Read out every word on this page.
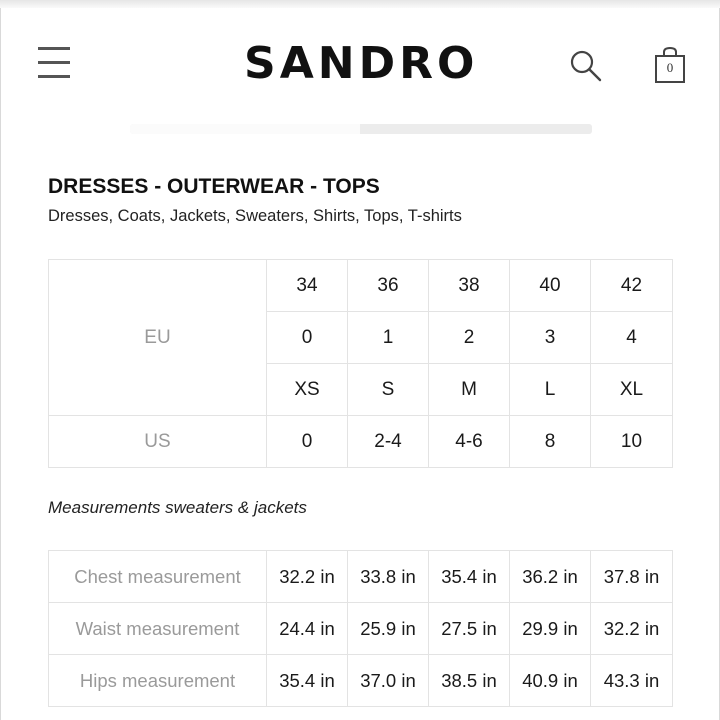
SANDRO	0
DRESSES - OUTERWEAR - TOPS

Dresses, Coats, Jackets, Sweaters, Shirts, Tops, T-shirts

EU	34	36	38	40	42
	0	1	2	3	4
	XS	S	M	L	XL
US	0	2-4	4-6	8	10
Measurements sweaters & jackets
Chest measurement	32.2 in	33.8 in	35.4 in	36.2 in	37.8 in
Waist measurement	24.4 in	25.9 in	27.5 in	29.9 in	32.2 in
Hips measurement	35.4 in	37.0 in	38.5 in	40.9 in	43.3 in
